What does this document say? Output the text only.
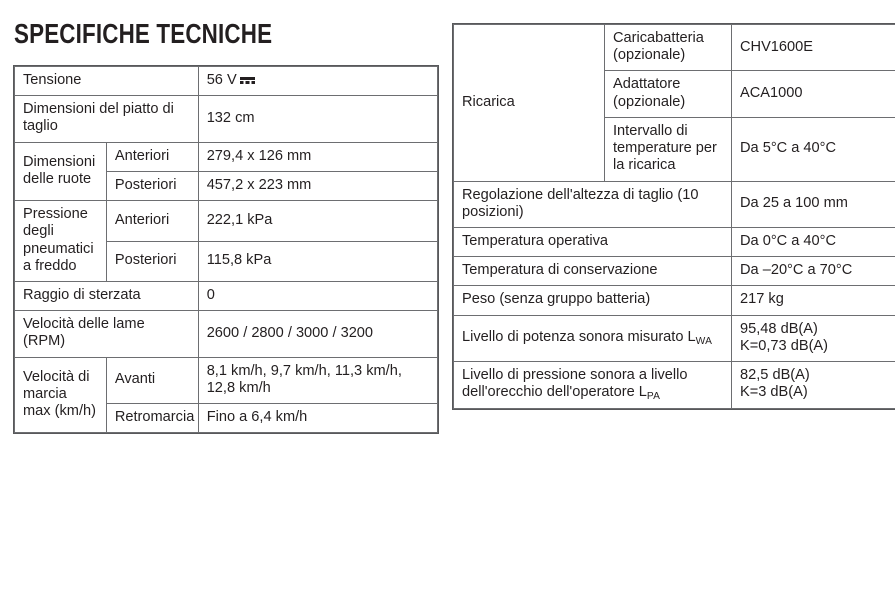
SPECIFICHE TECNICHE
Tensione		56 V
Dimensioni del piatto di taglio		132 cm
Dimensioni delle ruote	Anteriori	279,4 x 126 mm
	Posteriori	457,2 x 223 mm
Pressione degli pneumatici a freddo	Anteriori	222,1 kPa
	Posteriori	115,8 kPa
Raggio di sterzata		0
Velocità delle lame (RPM)		2600 / 2800 / 3000 / 3200
Velocità di marcia max (km/h)	Avanti	8,1 km/h, 9,7 km/h, 11,3 km/h, 12,8 km/h
	Retromarcia	Fino a 6,4 km/h
Ricarica	Caricabatteria (opzionale)	CHV1600E
	Adattatore (opzionale)	ACA1000
	Intervallo di temperature per la ricarica	Da 5°C a 40°C
Regolazione dell'altezza di taglio (10 posizioni)		Da 25 a 100 mm
Temperatura operativa		Da 0°C a 40°C
Temperatura di conservazione		Da –20°C a 70°C
Peso (senza gruppo batteria)		217 kg
Livello di potenza sonora misurato $L_{WA}$		95,48 dB(A)
K=0,73 dB(A)

Livello di pressione sonora a livello dell'orecchio dell'operatore $L_{PA}$		82,5 dB(A)
K=3 dB(A)
